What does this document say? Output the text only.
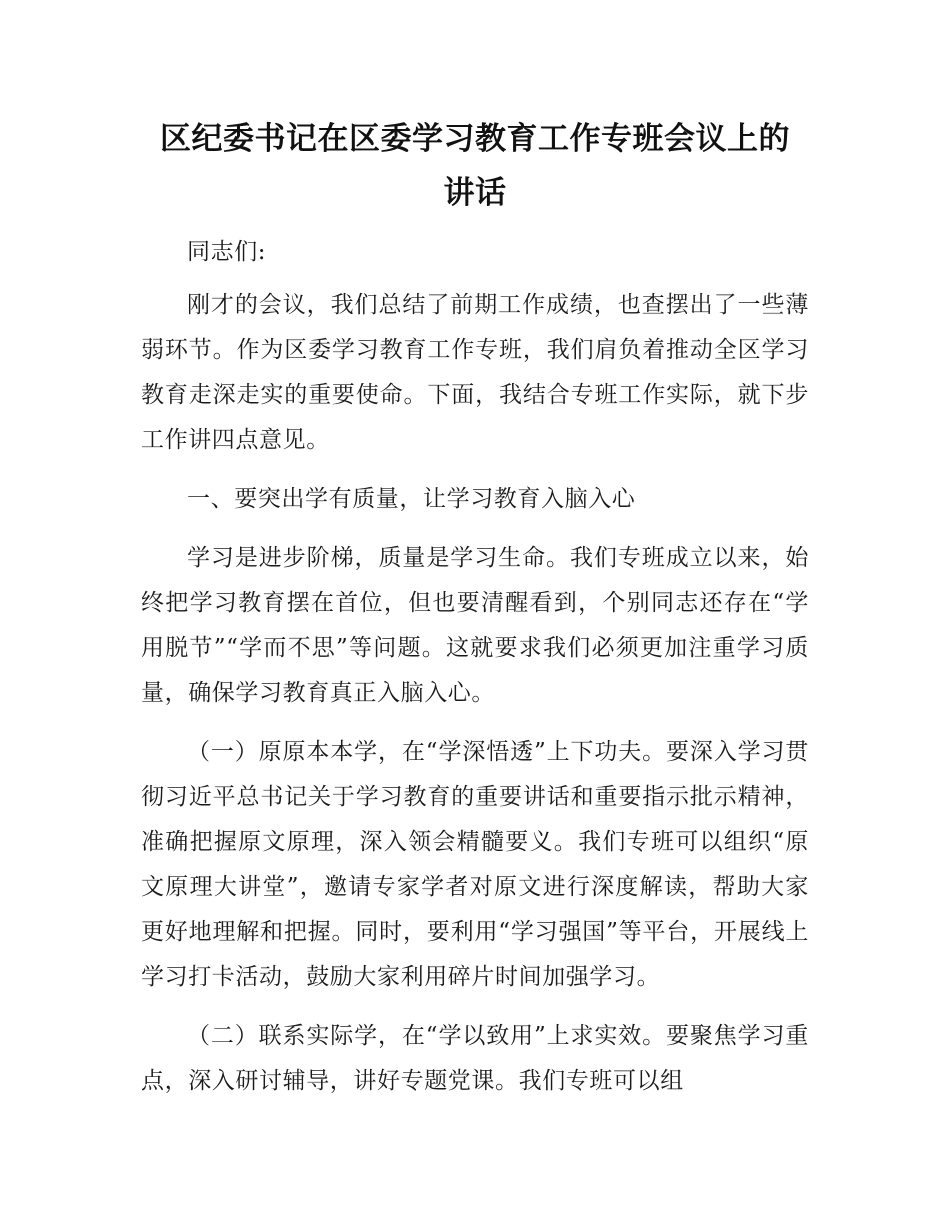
区纪委书记在区委学习教育工作专班会议上的
讲话

同志们:

刚才的会议，我们总结了前期工作成绩，也查摆出了一些薄弱环节。作为区委学习教育工作专班，我们肩负着推动全区学习教育走深走实的重要使命。下面，我结合专班工作实际，就下步工作讲四点意见。

一、要突出学有质量，让学习教育入脑入心

学习是进步阶梯，质量是学习生命。我们专班成立以来，始终把学习教育摆在首位，但也要清醒看到，个别同志还存在“学用脱节”“学而不思”等问题。这就要求我们必须更加注重学习质量，确保学习教育真正入脑入心。

（一）原原本本学，在“学深悟透”上下功夫。要深入学习贯彻习近平总书记关于学习教育的重要讲话和重要指示批示精神，准确把握原文原理，深入领会精髓要义。我们专班可以组织“原文原理大讲堂”，邀请专家学者对原文进行深度解读，帮助大家更好地理解和把握。同时，要利用“学习强国”等平台，开展线上学习打卡活动，鼓励大家利用碎片时间加强学习。

（二）联系实际学，在“学以致用”上求实效。要聚焦学习重点，深入研讨辅导，讲好专题党课。我们专班可以组
